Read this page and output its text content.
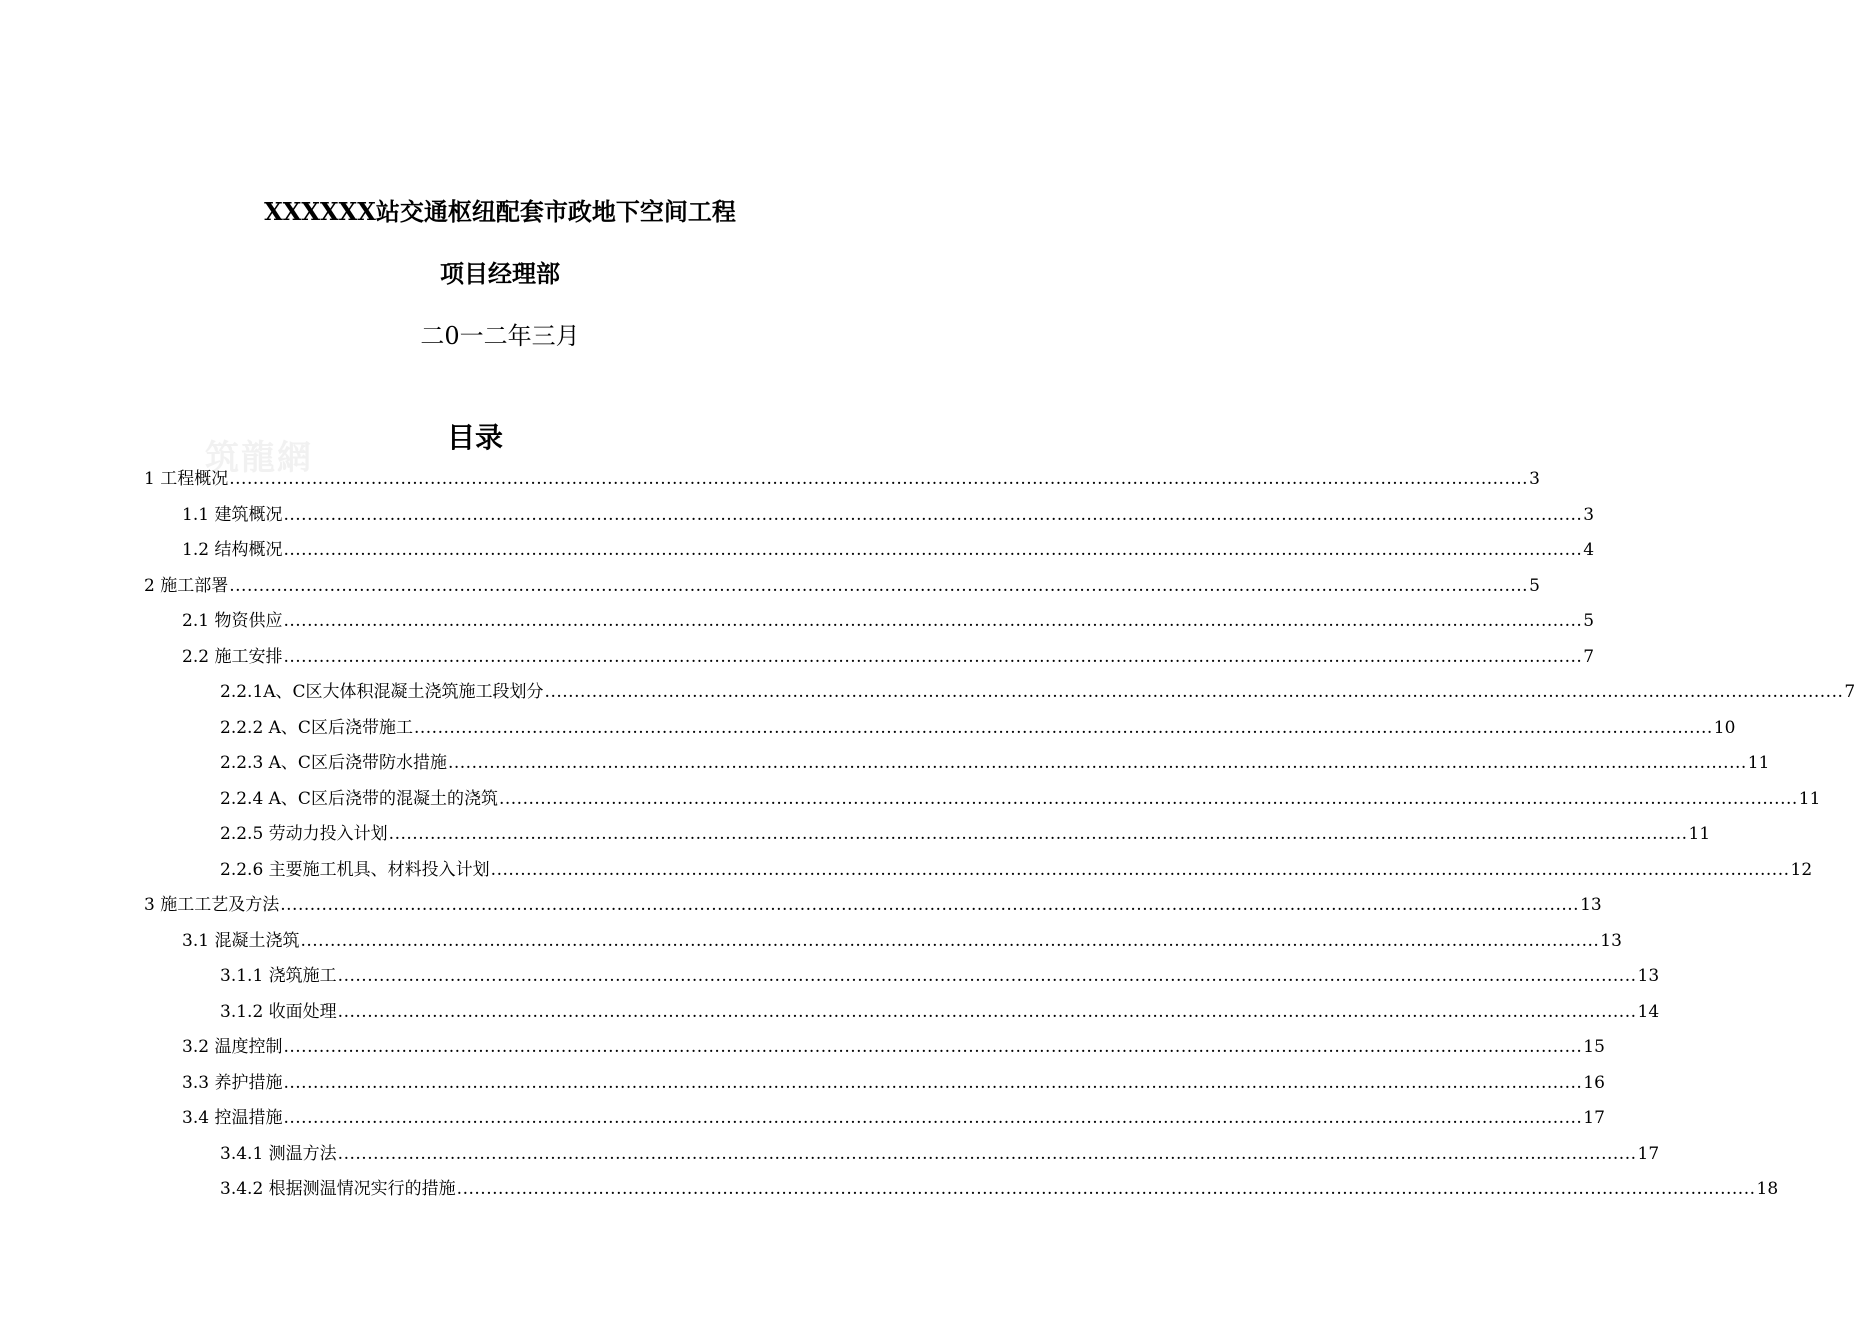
XXXXXX站交通枢纽配套市政地下空间工程
项目经理部
二0一二年三月
筑龍網
目录
1 工程概况 ............................................................................................................................................................................................................................ 3
1.1 建筑概况 ............................................................................................................................................................................................................................ 3
1.2 结构概况 ............................................................................................................................................................................................................................ 4
2 施工部署 ............................................................................................................................................................................................................................ 5
2.1 物资供应 ............................................................................................................................................................................................................................ 5
2.2 施工安排 ............................................................................................................................................................................................................................ 7
2.2.1A、C区大体积混凝土浇筑施工段划分 ............................................................................................................................................................................................................................ 7
2.2.2 A、C区后浇带施工 ............................................................................................................................................................................................................................ 10
2.2.3 A、C区后浇带防水措施 ............................................................................................................................................................................................................................ 11
2.2.4 A、C区后浇带的混凝土的浇筑 ............................................................................................................................................................................................................................ 11
2.2.5 劳动力投入计划 ............................................................................................................................................................................................................................ 11
2.2.6 主要施工机具、材料投入计划 ............................................................................................................................................................................................................................ 12
3 施工工艺及方法 ............................................................................................................................................................................................................................ 13
3.1 混凝土浇筑 ............................................................................................................................................................................................................................ 13
3.1.1 浇筑施工 ............................................................................................................................................................................................................................ 13
3.1.2 收面处理 ............................................................................................................................................................................................................................ 14
3.2 温度控制 ............................................................................................................................................................................................................................ 15
3.3 养护措施 ............................................................................................................................................................................................................................ 16
3.4 控温措施 ............................................................................................................................................................................................................................ 17
3.4.1 测温方法 ............................................................................................................................................................................................................................ 17
3.4.2 根据测温情况实行的措施 ............................................................................................................................................................................................................................ 18
